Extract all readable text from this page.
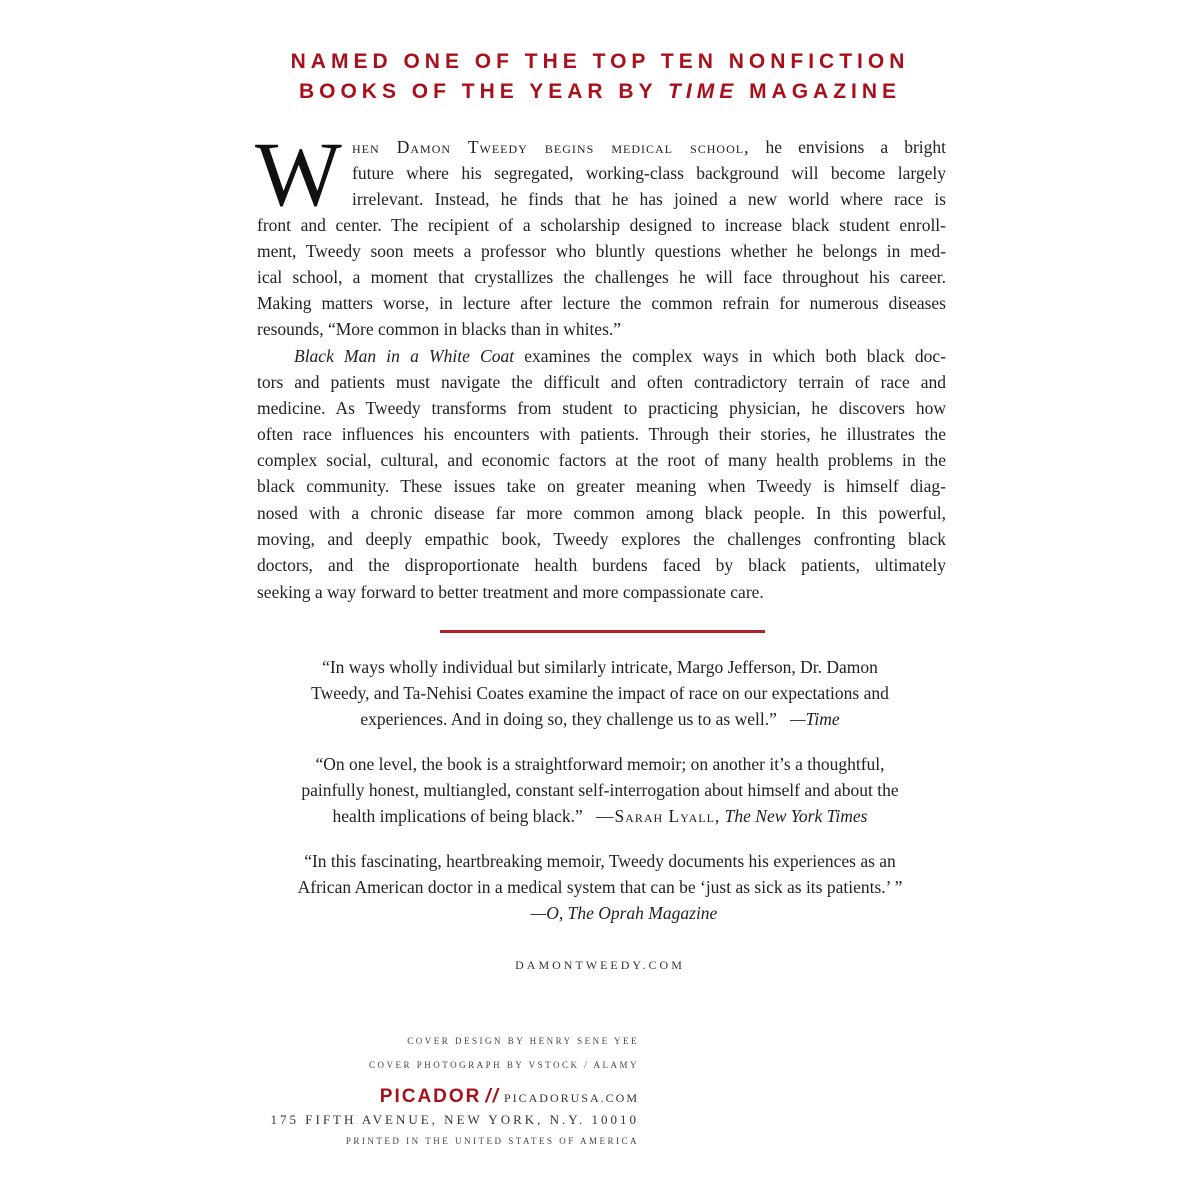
NAMED ONE OF THE TOP TEN NONFICTION
BOOKS OF THE YEAR BY TIME MAGAZINE
W hen Damon Tweedy begins medical school, he envisions a bright
future where his segregated, working-class background will become largely
irrelevant. Instead, he finds that he has joined a new world where race is
front and center. The recipient of a scholarship designed to increase black student enroll-
ment, Tweedy soon meets a professor who bluntly questions whether he belongs in med-
ical school, a moment that crystallizes the challenges he will face throughout his career.
Making matters worse, in lecture after lecture the common refrain for numerous diseases
resounds, “More common in blacks than in whites.”
Black Man in a White Coat examines the complex ways in which both black doc-
tors and patients must navigate the difficult and often contradictory terrain of race and
medicine. As Tweedy transforms from student to practicing physician, he discovers how
often race influences his encounters with patients. Through their stories, he illustrates the
complex social, cultural, and economic factors at the root of many health problems in the
black community. These issues take on greater meaning when Tweedy is himself diag-
nosed with a chronic disease far more common among black people. In this powerful,
moving, and deeply empathic book, Tweedy explores the challenges confronting black
doctors, and the disproportionate health burdens faced by black patients, ultimately
seeking a way forward to better treatment and more compassionate care.
“In ways wholly individual but similarly intricate, Margo Jefferson, Dr. Damon
Tweedy, and Ta-Nehisi Coates examine the impact of race on our expectations and
experiences. And in doing so, they challenge us to as well.” —Time
“On one level, the book is a straightforward memoir; on another it’s a thoughtful,
painfully honest, multiangled, constant self-interrogation about himself and about the
health implications of being black.” —Sarah Lyall, The New York Times
“In this fascinating, heartbreaking memoir, Tweedy documents his experiences as an
African American doctor in a medical system that can be ‘just as sick as its patients.’ ”
—O, The Oprah Magazine
DAMONTWEEDY.COM
COVER DESIGN BY HENRY SENE YEE
COVER PHOTOGRAPH BY VSTOCK / ALAMY
PICADOR // PICADORUSA.COM
175 FIFTH AVENUE, NEW YORK, N.Y. 10010
PRINTED IN THE UNITED STATES OF AMERICA
